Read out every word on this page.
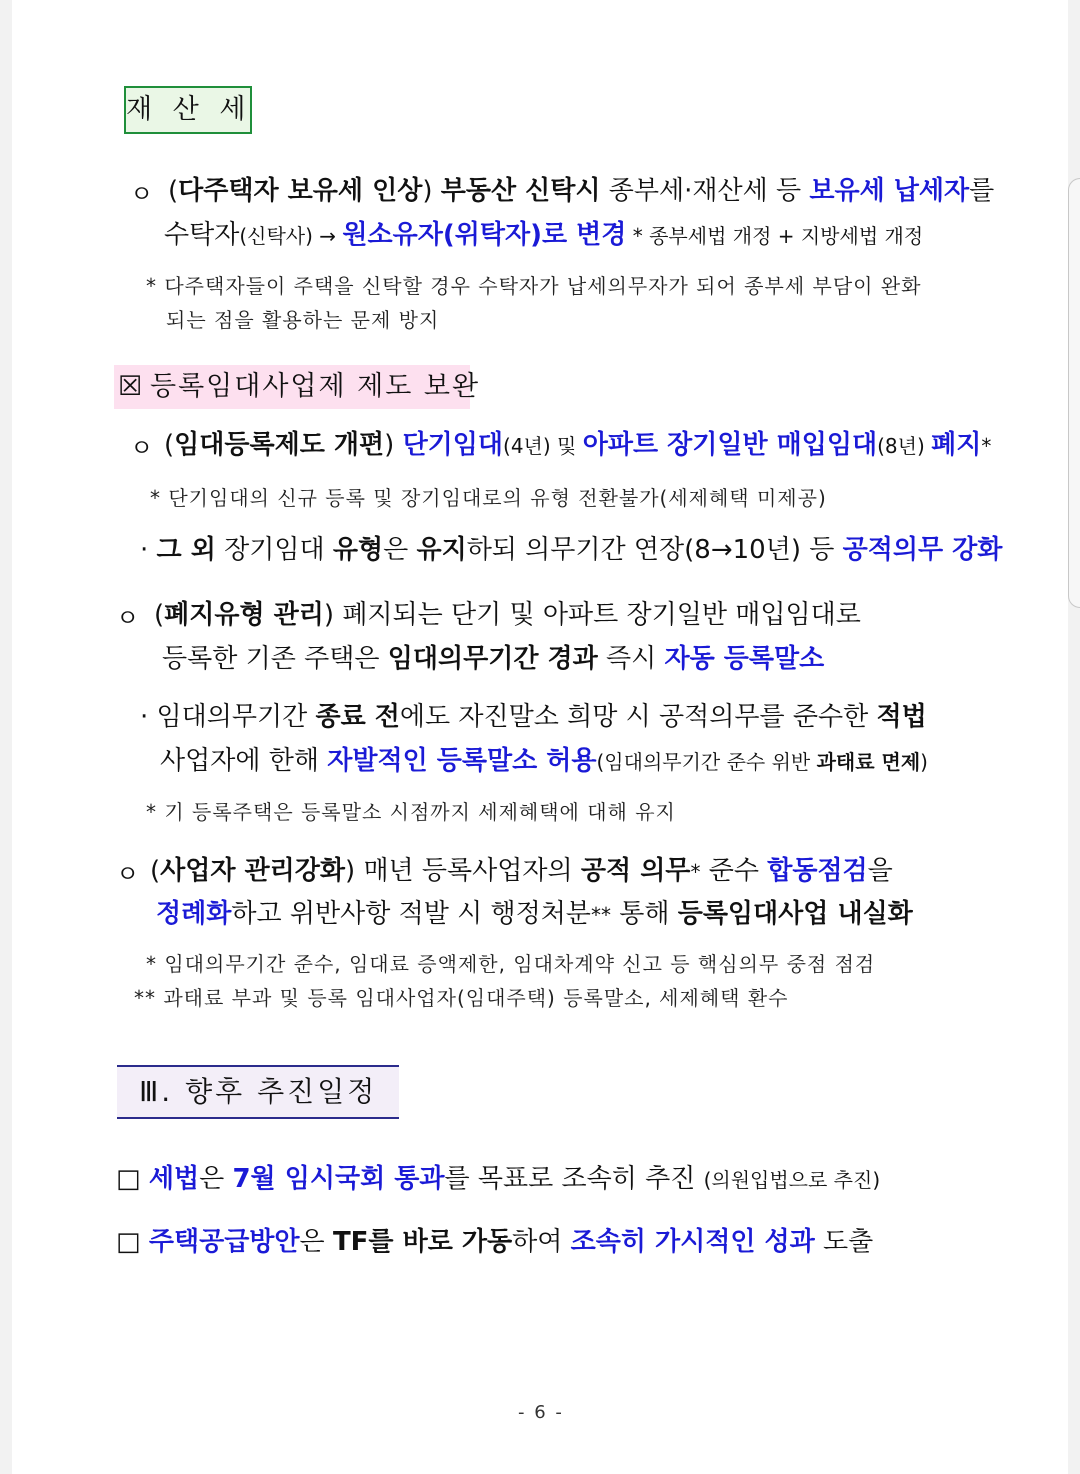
재 산 세
ㅇ (다주택자 보유세 인상) 부동산 신탁시 종부세·재산세 등 보유세 납세자를
수탁자(신탁사) → 원소유자(위탁자)로 변경 * 종부세법 개정 + 지방세법 개정
* 다주택자들이 주택을 신탁할 경우 수탁자가 납세의무자가 되어 종부세 부담이 완화
되는 점을 활용하는 문제 방지
☒ 등록임대사업제 제도 보완
ㅇ (임대등록제도 개편) 단기임대(4년) 및 아파트 장기일반 매입임대(8년) 폐지*
* 단기임대의 신규 등록 및 장기임대로의 유형 전환불가(세제혜택 미제공)
· 그 외 장기임대 유형은 유지하되 의무기간 연장(8→10년) 등 공적의무 강화
ㅇ (폐지유형 관리) 폐지되는 단기 및 아파트 장기일반 매입임대로
등록한 기존 주택은 임대의무기간 경과 즉시 자동 등록말소
· 임대의무기간 종료 전에도 자진말소 희망 시 공적의무를 준수한 적법
사업자에 한해 자발적인 등록말소 허용(임대의무기간 준수 위반 과태료 면제)
* 기 등록주택은 등록말소 시점까지 세제혜택에 대해 유지
ㅇ (사업자 관리강화) 매년 등록사업자의 공적 의무* 준수 합동점검을
정례화하고 위반사항 적발 시 행정처분** 통해 등록임대사업 내실화
* 임대의무기간 준수, 임대료 증액제한, 임대차계약 신고 등 핵심의무 중점 점검
** 과태료 부과 및 등록 임대사업자(임대주택) 등록말소, 세제혜택 환수
Ⅲ. 향후 추진일정
□ 세법은 7월 임시국회 통과를 목표로 조속히 추진 (의원입법으로 추진)
□ 주택공급방안은 TF를 바로 가동하여 조속히 가시적인 성과 도출
- 6 -
